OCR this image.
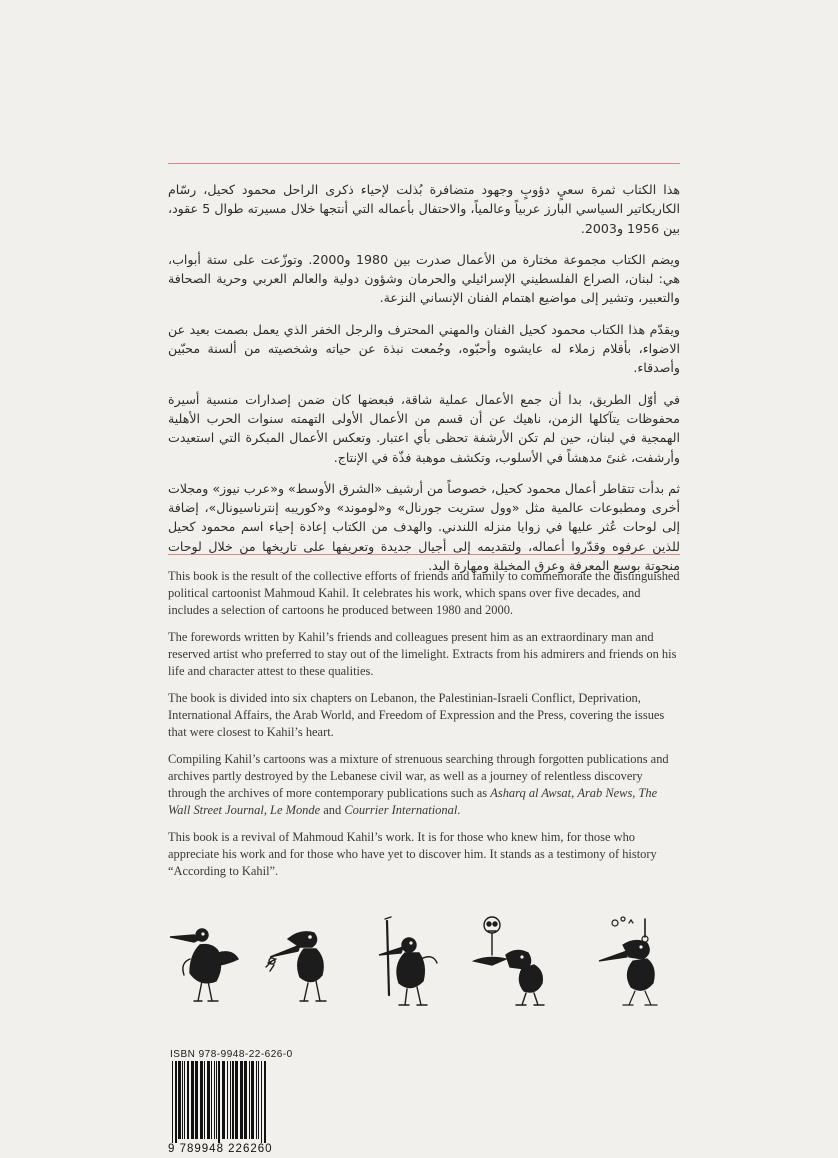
هذا الكتاب ثمرة سعيٍ دؤوبٍ وجهود متضافرة بُذلت لإحياء ذكرى الراحل محمود كحيل، رسّام الكاريكاتير السياسي البارز عربياً وعالمياً، والاحتفال بأعماله التي أنتجها خلال مسيرته طوال 5 عقود، بين 1956 و2003.

ويضم الكتاب مجموعة مختارة من الأعمال صدرت بين 1980 و2000. وتوزّعت على ستة أبواب، هي: لبنان، الصراع الفلسطيني الإسرائيلي والحرمان وشؤون دولية والعالم العربي وحرية الصحافة والتعبير، وتشير إلى مواضيع اهتمام الفنان الإنساني النزعة.

ويقدّم هذا الكتاب محمود كحيل الفنان والمهني المحترف والرجل الخفر الذي يعمل بصمت بعيد عن الاضواء، بأقلام زملاء له عايشوه وأحبّوه، وجُمعت نبذة عن حياته وشخصيته من ألسنة محبّين وأصدقاء.

في أوّل الطريق، بدا أن جمع الأعمال عملية شاقة، فبعضها كان ضمن إصدارات منسية أسيرة محفوظات يتآكلها الزمن، ناهيك عن أن قسم من الأعمال الأولى التهمته سنوات الحرب الأهلية الهمجية في لبنان، حين لم تكن الأرشفة تحظى بأي اعتبار. وتعكس الأعمال المبكرة التي استعيدت وأرشفت، غنىً مدهشاً في الأسلوب، وتكشف موهبة فذّة في الإنتاج.

ثم بدأت تتقاطر أعمال محمود كحيل، خصوصاً من أرشيف «الشرق الأوسط» و«عرب نيوز» ومجلات أخرى ومطبوعات عالمية مثل «وول ستريت جورنال» و«لوموند» و«كوريبه إنترناسيونال»، إضافة إلى لوحات عُثر عليها في زوايا منزله اللندني. والهدف من الكتاب إعادة إحياء اسم محمود كحيل للذين عرفوه وقدّروا أعماله، ولتقديمه إلى أجيال جديدة وتعريفها على تاريخها من خلال لوحات منحوتة بوسع المعرفة وعرق المخيلة ومهارة اليد.

This book is the result of the collective efforts of friends and family to commemorate the distinguished political cartoonist Mahmoud Kahil. It celebrates his work, which spans over five decades, and includes a selection of cartoons he produced between 1980 and 2000.

The forewords written by Kahil’s friends and colleagues present him as an extraordinary man and reserved artist who preferred to stay out of the limelight. Extracts from his admirers and friends on his life and character attest to these qualities.

The book is divided into six chapters on Lebanon, the Palestinian-Israeli Conflict, Deprivation, International Affairs, the Arab World, and Freedom of Expression and the Press, covering the issues that were closest to Kahil’s heart.

Compiling Kahil’s cartoons was a mixture of strenuous searching through forgotten publications and archives partly destroyed by the Lebanese civil war, as well as a journey of relentless discovery through the archives of more contemporary publications such as Asharq al Awsat, Arab News, The Wall Street Journal, Le Monde and Courrier International.

This book is a revival of Mahmoud Kahil’s work. It is for those who knew him, for those who appreciate his work and for those who have yet to discover him. It stands as a testimony of history “According to Kahil”.

ISBN 978-9948-22-626-0
9 789948 226260
